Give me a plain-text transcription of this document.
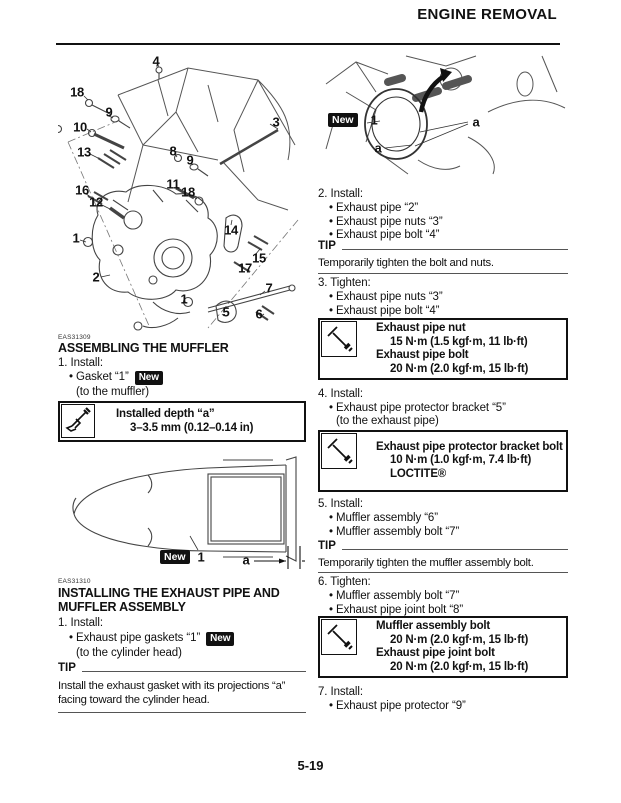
ENGINE REMOVAL
4
18
9
10	3
13	8
9
11
18
16
12
1
14
15
17
2
7
1
5 6
EAS31309
ASSEMBLING THE MUFFLER
1. Install:
• Gasket “1”	New
(to the muffler)
Installed depth “a”
3–3.5 mm (0.12–0.14 in)
New 1	a
EAS31310
INSTALLING THE EXHAUST PIPE AND
MUFFLER ASSEMBLY
1. Install:
• Exhaust pipe gaskets “1”	New
(to the cylinder head)
TIP
Install the exhaust gasket with its projections “a”
facing toward the cylinder head.
New	1	a
a
2. Install:
• Exhaust pipe “2”
• Exhaust pipe nuts “3”
• Exhaust pipe bolt “4”
TIP
Temporarily tighten the bolt and nuts.
3. Tighten:
• Exhaust pipe nuts “3”
• Exhaust pipe bolt “4”
Exhaust pipe nut
15 N·m (1.5 kgf·m, 11 lb·ft)
Exhaust pipe bolt
20 N·m (2.0 kgf·m, 15 lb·ft)
4. Install:
• Exhaust pipe protector bracket “5”
(to the exhaust pipe)
Exhaust pipe protector bracket bolt
10 N·m (1.0 kgf·m, 7.4 lb·ft)
LOCTITE®
5. Install:
• Muffler assembly “6”
• Muffler assembly bolt “7”
TIP
Temporarily tighten the muffler assembly bolt.
6. Tighten:
• Muffler assembly bolt “7”
• Exhaust pipe joint bolt “8”
Muffler assembly bolt
20 N·m (2.0 kgf·m, 15 lb·ft)
Exhaust pipe joint bolt
20 N·m (2.0 kgf·m, 15 lb·ft)
7. Install:
• Exhaust pipe protector “9”
5-19
